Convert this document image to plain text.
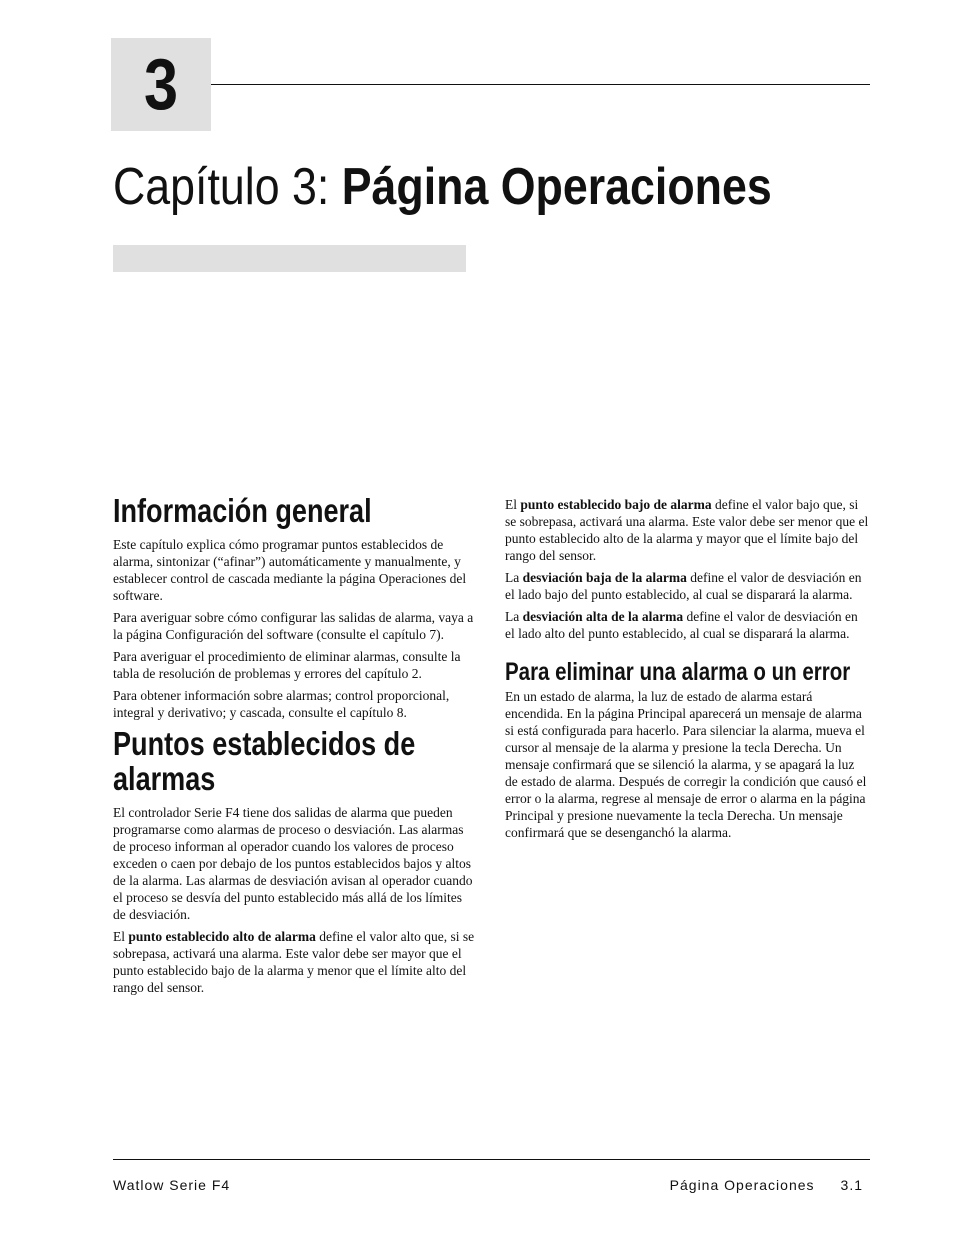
3
Capítulo 3: Página Operaciones
Información general

Este capítulo explica cómo programar puntos establecidos de alarma, sintonizar (“afinar”) automáticamente y manualmente, y establecer control de cascada mediante la página Operaciones del software.

Para averiguar sobre cómo configurar las salidas de alarma, vaya a la página Configuración del software (consulte el capítulo 7).

Para averiguar el procedimiento de eliminar alarmas, consulte la tabla de resolución de problemas y errores del capítulo 2.

Para obtener información sobre alarmas; control proporcional, integral y derivativo; y cascada, consulte el capítulo 8.

Puntos establecidos de alarmas

El controlador Serie F4 tiene dos salidas de alarma que pueden programarse como alarmas de proceso o desviación. Las alarmas de proceso informan al operador cuando los valores de proceso exceden o caen por debajo de los puntos establecidos bajos y altos de la alarma. Las alarmas de desviación avisan al operador cuando el proceso se desvía del punto establecido más allá de los límites de desviación.

El punto establecido alto de alarma define el valor alto que, si se sobrepasa, activará una alarma. Este valor debe ser mayor que el punto establecido bajo de la alarma y menor que el límite alto del rango del sensor.

El punto establecido bajo de alarma define el valor bajo que, si se sobrepasa, activará una alarma. Este valor debe ser menor que el punto establecido alto de la alarma y mayor que el límite bajo del rango del sensor.

La desviación baja de la alarma define el valor de desviación en el lado bajo del punto establecido, al cual se disparará la alarma.

La desviación alta de la alarma define el valor de desviación en el lado alto del punto establecido, al cual se disparará la alarma.

Para eliminar una alarma o un error

En un estado de alarma, la luz de estado de alarma estará encendida. En la página Principal aparecerá un mensaje de alarma si está configurada para hacerlo. Para silenciar la alarma, mueva el cursor al mensaje de la alarma y presione la tecla Derecha. Un mensaje confirmará que se silenció la alarma, y se apagará la luz de estado de alarma. Después de corregir la condición que causó el error o la alarma, regrese al mensaje de error o alarma en la página Principal y presione nuevamente la tecla Derecha. Un mensaje confirmará que se desenganchó la alarma.

Watlow Serie F4	Página Operaciones 3.1
